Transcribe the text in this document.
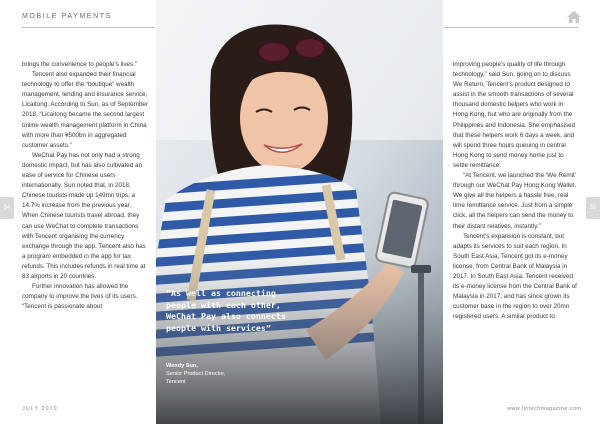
MOBILE PAYMENTS
54	55

brings the convenience to people’s lives.”

Tencent also expanded their financial technology to offer the “boutique” wealth management, lending and insurance service, Licaitong. According to Sun, as of September 2018, “Licaitong became the second largest online wealth management platform in China with more than ¥500bn in aggregated customer assets.”

WeChat Pay has not only had a strong domestic impact, but has also cultivated an ease of service for Chinese users internationally. Sun noted that, in 2018, Chinese tourists made up 149mn trips, a 14.7% increase from the previous year. When Chinese tourists travel abroad, they can use WeChat to complete transactions with Tencent organising the currency exchange through the app. Tencent also has a program embedded in the app for tax refunds. This includes refunds in real time at 83 airports in 20 countries.

Further innovation has allowed the company to improve the lives of its users. “Tencent is passionate about

“As well as connecting people with each other, WeChat Pay also connects people with services”
Wendy Sun,
Senior Product Director,
Tencent

improving people’s quality of life through technology,” said Sun, going on to discuss We Return, Tencent’s product designed to assist in the smooth transactions of several thousand domestic helpers who work in Hong Kong, but who are originally from the Philippines and Indonesia. She emphasised that these helpers work 6 days a week, and will spend three hours queuing in central Hong Kong to send money home just to settle remittance.

“At Tencent, we launched the ‘We Remit’ through our WeChat Pay Hong Kong Wallet. We give all the helpers a hassle free, real time remittance service. Just from a simple click, all the helpers can send the money to their distant relatives, instantly.”

Tencent’s expansion is constant, but adapts its services to suit each region. In South East Asia, Tencent got its e-money license, from Central Bank of Malaysia in 2017. In South East Asia, Tencent received its e-money license from the Central Bank of Malaysia in 2017, and has since grown its customer base in the region to over 20mn registered users. A similar product to

JULY 2019	www.fintechmagazine.com
